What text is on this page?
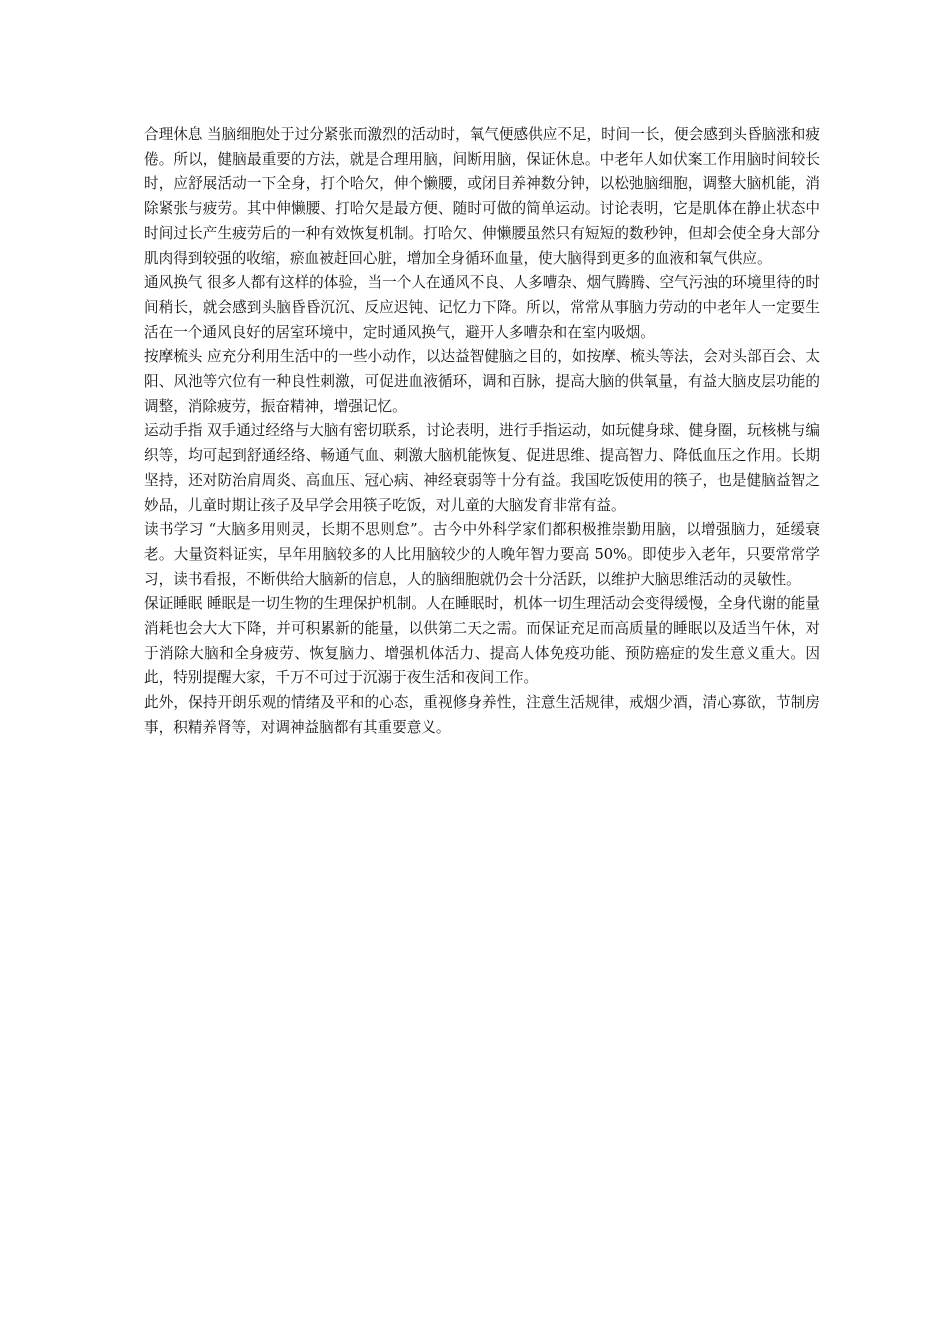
合理休息 当脑细胞处于过分紧张而激烈的活动时，氧气便感供应不足，时间一长，便会感到头昏脑涨和疲倦。所以，健脑最重要的方法，就是合理用脑，间断用脑，保证休息。中老年人如伏案工作用脑时间较长时，应舒展活动一下全身，打个哈欠，伸个懒腰，或闭目养神数分钟，以松弛脑细胞，调整大脑机能，消除紧张与疲劳。其中伸懒腰、打哈欠是最方便、随时可做的简单运动。讨论表明，它是肌体在静止状态中时间过长产生疲劳后的一种有效恢复机制。打哈欠、伸懒腰虽然只有短短的数秒钟，但却会使全身大部分肌肉得到较强的收缩，瘀血被赶回心脏，增加全身循环血量，使大脑得到更多的血液和氧气供应。

通风换气 很多人都有这样的体验，当一个人在通风不良、人多嘈杂、烟气腾腾、空气污浊的环境里待的时间稍长，就会感到头脑昏昏沉沉、反应迟钝、记忆力下降。所以，常常从事脑力劳动的中老年人一定要生活在一个通风良好的居室环境中，定时通风换气，避开人多嘈杂和在室内吸烟。

按摩梳头 应充分利用生活中的一些小动作，以达益智健脑之目的，如按摩、梳头等法，会对头部百会、太阳、风池等穴位有一种良性刺激，可促进血液循环，调和百脉，提高大脑的供氧量，有益大脑皮层功能的调整，消除疲劳，振奋精神，增强记忆。

运动手指 双手通过经络与大脑有密切联系，讨论表明，进行手指运动，如玩健身球、健身圈，玩核桃与编织等，均可起到舒通经络、畅通气血、刺激大脑机能恢复、促进思维、提高智力、降低血压之作用。长期坚持，还对防治肩周炎、高血压、冠心病、神经衰弱等十分有益。我国吃饭使用的筷子，也是健脑益智之妙品，儿童时期让孩子及早学会用筷子吃饭，对儿童的大脑发育非常有益。

读书学习 “大脑多用则灵，长期不思则怠”。古今中外科学家们都积极推崇勤用脑，以增强脑力，延缓衰老。大量资料证实，早年用脑较多的人比用脑较少的人晚年智力要高 50%。即使步入老年，只要常常学习，读书看报，不断供给大脑新的信息，人的脑细胞就仍会十分活跃，以维护大脑思维活动的灵敏性。

保证睡眠 睡眠是一切生物的生理保护机制。人在睡眠时，机体一切生理活动会变得缓慢，全身代谢的能量消耗也会大大下降，并可积累新的能量，以供第二天之需。而保证充足而高质量的睡眠以及适当午休，对于消除大脑和全身疲劳、恢复脑力、增强机体活力、提高人体免疫功能、预防癌症的发生意义重大。因此，特别提醒大家，千万不可过于沉溺于夜生活和夜间工作。

此外，保持开朗乐观的情绪及平和的心态，重视修身养性，注意生活规律，戒烟少酒，清心寡欲，节制房事，积精养肾等，对调神益脑都有其重要意义。
